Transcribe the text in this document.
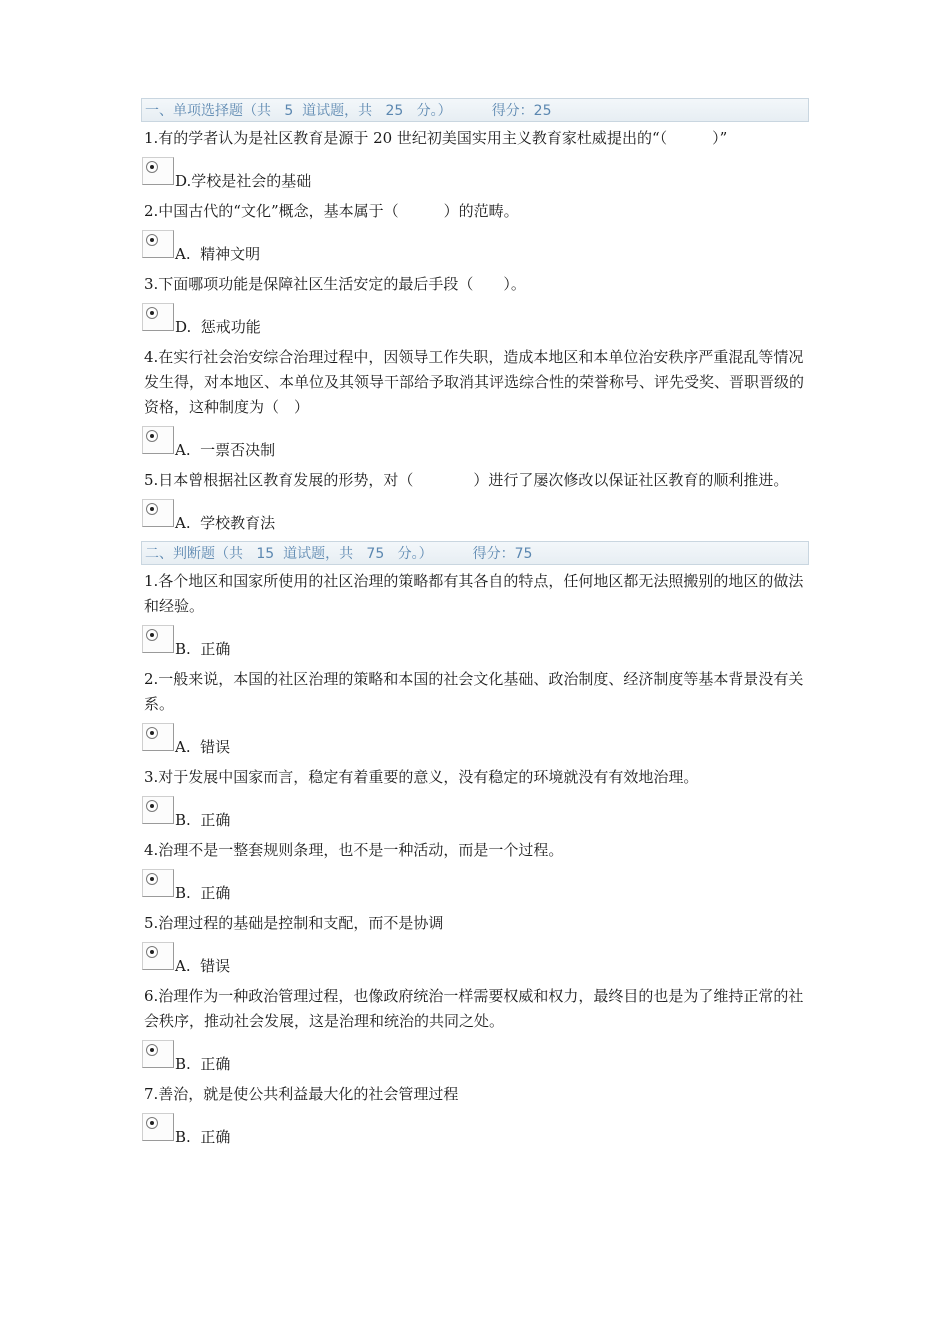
一、单项选择题（共   5  道试题，共   25   分。）	得分：25

1.有的学者认为是社区教育是源于 20 世纪初美国实用主义教育家杜威提出的“（　　　）”

D.学校是社会的基础

2.中国古代的“文化”概念，基本属于（　　　）的范畴。

A.  精神文明

3.下面哪项功能是保障社区生活安定的最后手段（　　）。

D.  惩戒功能

4.在实行社会治安综合治理过程中，因领导工作失职，造成本地区和本单位治安秩序严重混乱等情况发生得，对本地区、本单位及其领导干部给予取消其评选综合性的荣誉称号、评先受奖、晋职晋级的资格，这种制度为（　）

A.  一票否决制

5.日本曾根据社区教育发展的形势，对（　　　　）进行了屡次修改以保证社区教育的顺利推进。

A.  学校教育法
二、判断题（共   15  道试题，共   75   分。）	得分：75

1.各个地区和国家所使用的社区治理的策略都有其各自的特点，任何地区都无法照搬别的地区的做法和经验。

B.  正确

2.一般来说，本国的社区治理的策略和本国的社会文化基础、政治制度、经济制度等基本背景没有关系。

A.  错误

3.对于发展中国家而言，稳定有着重要的意义，没有稳定的环境就没有有效地治理。

B.  正确

4.治理不是一整套规则条理，也不是一种活动，而是一个过程。

B.  正确

5.治理过程的基础是控制和支配，而不是协调

A.  错误

6.治理作为一种政治管理过程，也像政府统治一样需要权威和权力，最终目的也是为了维持正常的社会秩序，推动社会发展，这是治理和统治的共同之处。

B.  正确

7.善治，就是使公共利益最大化的社会管理过程

B.  正确
